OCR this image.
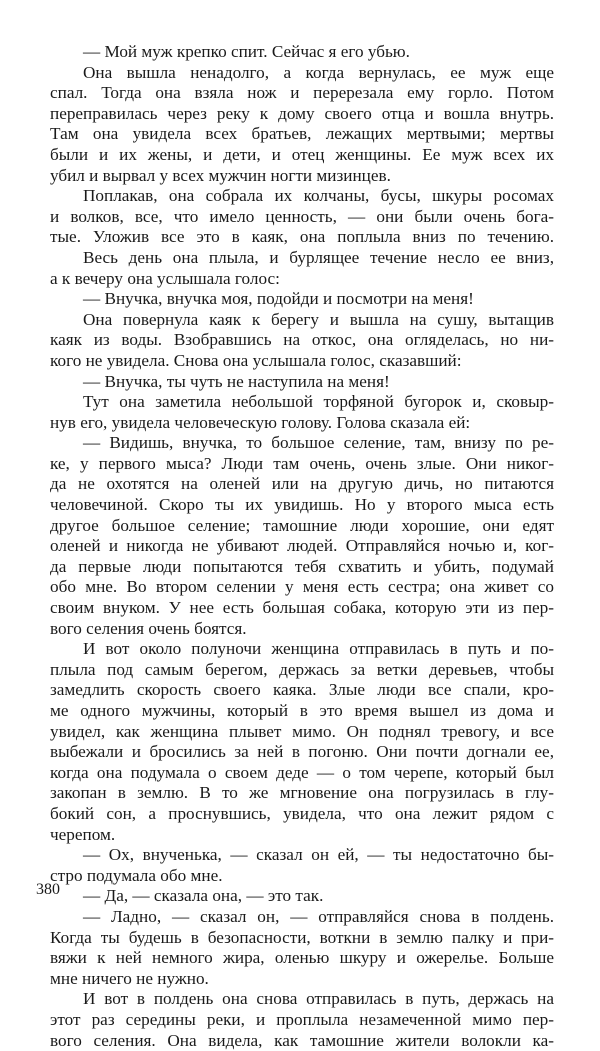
— Мой муж крепко спит. Сейчас я его убью.
Она вышла ненадолго, а когда вернулась, ее муж еще
спал. Тогда она взяла нож и перерезала ему горло. Потом
переправилась через реку к дому своего отца и вошла внутрь.
Там она увидела всех братьев, лежащих мертвыми; мертвы
были и их жены, и дети, и отец женщины. Ее муж всех их
убил и вырвал у всех мужчин ногти мизинцев.
Поплакав, она собрала их колчаны, бусы, шкуры росомах
и волков, все, что имело ценность, — они были очень бога-
тые. Уложив все это в каяк, она поплыла вниз по течению.
Весь день она плыла, и бурлящее течение несло ее вниз,
а к вечеру она услышала голос:
— Внучка, внучка моя, подойди и посмотри на меня!
Она повернула каяк к берегу и вышла на сушу, вытащив
каяк из воды. Взобравшись на откос, она огляделась, но ни-
кого не увидела. Снова она услышала голос, сказавший:
— Внучка, ты чуть не наступила на меня!
Тут она заметила небольшой торфяной бугорок и, сковыр-
нув его, увидела человеческую голову. Голова сказала ей:
— Видишь, внучка, то большое селение, там, внизу по ре-
ке, у первого мыса? Люди там очень, очень злые. Они никог-
да не охотятся на оленей или на другую дичь, но питаются
человечиной. Скоро ты их увидишь. Но у второго мыса есть
другое большое селение; тамошние люди хорошие, они едят
оленей и никогда не убивают людей. Отправляйся ночью и, ког-
да первые люди попытаются тебя схватить и убить, подумай
обо мне. Во втором селении у меня есть сестра; она живет со
своим внуком. У нее есть большая собака, которую эти из пер-
вого селения очень боятся.
И вот около полуночи женщина отправилась в путь и по-
плыла под самым берегом, держась за ветки деревьев, чтобы
замедлить скорость своего каяка. Злые люди все спали, кро-
ме одного мужчины, который в это время вышел из дома и
увидел, как женщина плывет мимо. Он поднял тревогу, и все
выбежали и бросились за ней в погоню. Они почти догнали ее,
когда она подумала о своем деде — о том черепе, который был
закопан в землю. В то же мгновение она погрузилась в глу-
бокий сон, а проснувшись, увидела, что она лежит рядом с
черепом.
— Ох, внученька, — сказал он ей, — ты недостаточно бы-
стро подумала обо мне.
— Да, — сказала она, — это так.
— Ладно, — сказал он, — отправляйся снова в полдень.
Когда ты будешь в безопасности, воткни в землю палку и при-
вяжи к ней немного жира, оленью шкуру и ожерелье. Больше
мне ничего не нужно.
И вот в полдень она снова отправилась в путь, держась на
этот раз середины реки, и проплыла незамеченной мимо пер-
вого селения. Она видела, как тамошние жители волокли ка-
380
